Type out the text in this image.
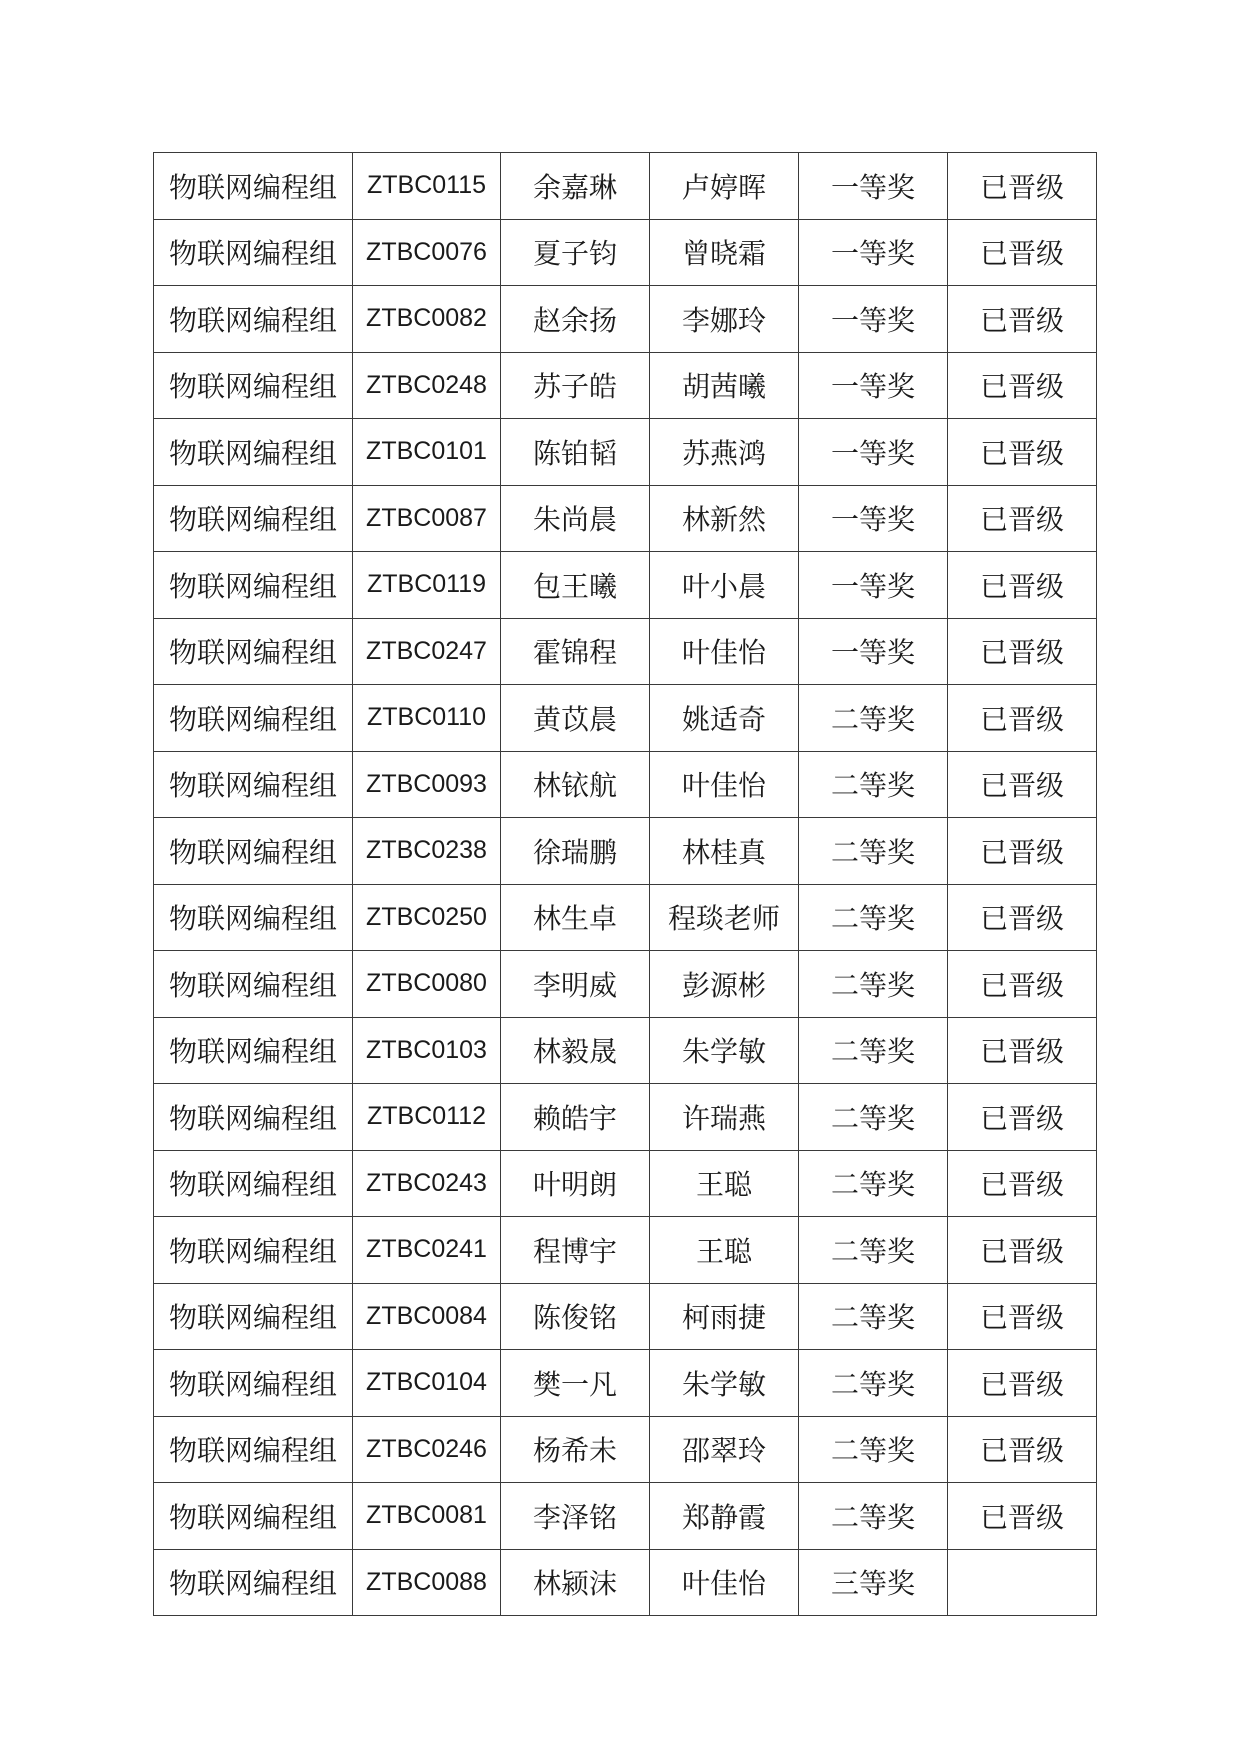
物联网编程组	ZTBC0115	余嘉琳	卢婷晖	一等奖	已晋级
物联网编程组	ZTBC0076	夏子钧	曾晓霜	一等奖	已晋级
物联网编程组	ZTBC0082	赵余扬	李娜玲	一等奖	已晋级
物联网编程组	ZTBC0248	苏子皓	胡茜曦	一等奖	已晋级
物联网编程组	ZTBC0101	陈铂韬	苏燕鸿	一等奖	已晋级
物联网编程组	ZTBC0087	朱尚晨	林新然	一等奖	已晋级
物联网编程组	ZTBC0119	包王曦	叶小晨	一等奖	已晋级
物联网编程组	ZTBC0247	霍锦程	叶佳怡	一等奖	已晋级
物联网编程组	ZTBC0110	黄苡晨	姚适奇	二等奖	已晋级
物联网编程组	ZTBC0093	林铱航	叶佳怡	二等奖	已晋级
物联网编程组	ZTBC0238	徐瑞鹏	林桂真	二等奖	已晋级
物联网编程组	ZTBC0250	林生卓	程琰老师	二等奖	已晋级
物联网编程组	ZTBC0080	李明威	彭源彬	二等奖	已晋级
物联网编程组	ZTBC0103	林毅晟	朱学敏	二等奖	已晋级
物联网编程组	ZTBC0112	赖皓宇	许瑞燕	二等奖	已晋级
物联网编程组	ZTBC0243	叶明朗	王聪	二等奖	已晋级
物联网编程组	ZTBC0241	程博宇	王聪	二等奖	已晋级
物联网编程组	ZTBC0084	陈俊铭	柯雨捷	二等奖	已晋级
物联网编程组	ZTBC0104	樊一凡	朱学敏	二等奖	已晋级
物联网编程组	ZTBC0246	杨希未	邵翠玲	二等奖	已晋级
物联网编程组	ZTBC0081	李泽铭	郑静霞	二等奖	已晋级
物联网编程组	ZTBC0088	林颍沫	叶佳怡	三等奖	
